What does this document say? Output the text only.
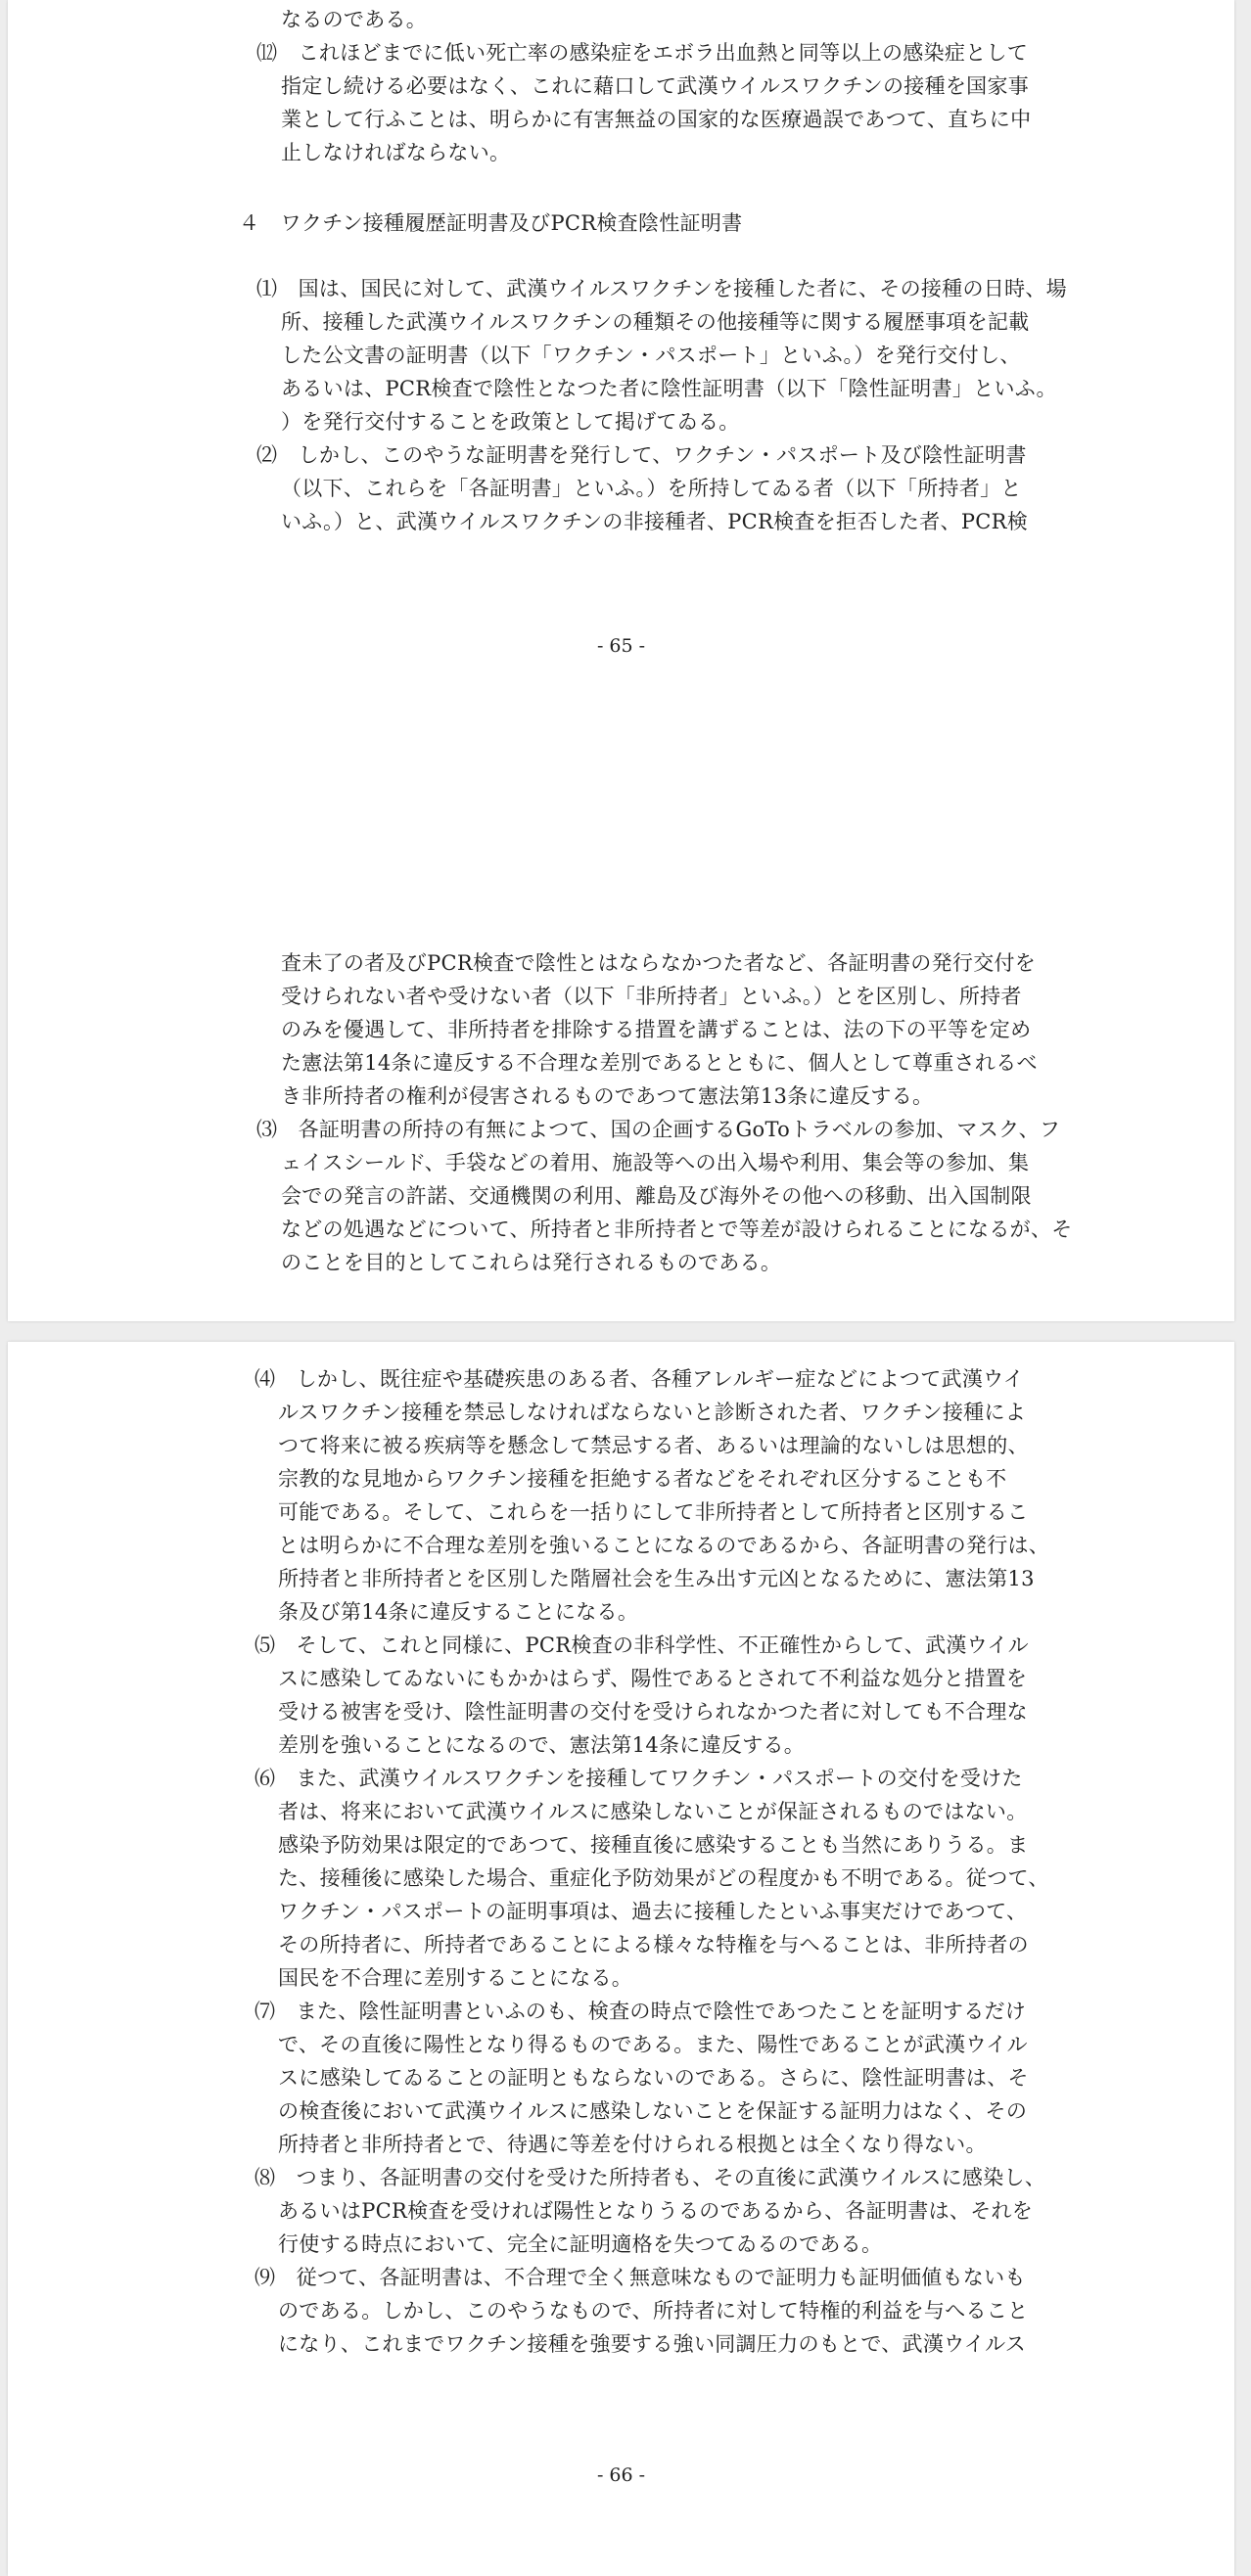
なるのである。
⑿　これほどまでに低い死亡率の感染症をエボラ出血熱と同等以上の感染症として
指定し続ける必要はなく、これに藉口して武漢ウイルスワクチンの接種を国家事
業として行ふことは、明らかに有害無益の国家的な医療過誤であつて、直ちに中
止しなければならない。
４　ワクチン接種履歴証明書及びPCR検査陰性証明書
⑴　国は、国民に対して、武漢ウイルスワクチンを接種した者に、その接種の日時、場
所、接種した武漢ウイルスワクチンの種類その他接種等に関する履歴事項を記載
した公文書の証明書（以下「ワクチン・パスポート」といふ。）を発行交付し、
あるいは、PCR検査で陰性となつた者に陰性証明書（以下「陰性証明書」といふ。
）を発行交付することを政策として掲げてゐる。
⑵　しかし、このやうな証明書を発行して、ワクチン・パスポート及び陰性証明書
（以下、これらを「各証明書」といふ。）を所持してゐる者（以下「所持者」と
いふ。）と、武漢ウイルスワクチンの非接種者、PCR検査を拒否した者、PCR検
- 65 -
査未了の者及びPCR検査で陰性とはならなかつた者など、各証明書の発行交付を
受けられない者や受けない者（以下「非所持者」といふ。）とを区別し、所持者
のみを優遇して、非所持者を排除する措置を講ずることは、法の下の平等を定め
た憲法第14条に違反する不合理な差別であるとともに、個人として尊重されるべ
き非所持者の権利が侵害されるものであつて憲法第13条に違反する。
⑶　各証明書の所持の有無によつて、国の企画するGoToトラベルの参加、マスク、フ
ェイスシールド、手袋などの着用、施設等への出入場や利用、集会等の参加、集
会での発言の許諾、交通機関の利用、離島及び海外その他への移動、出入国制限
などの処遇などについて、所持者と非所持者とで等差が設けられることになるが、そ
のことを目的としてこれらは発行されるものである。
⑷　しかし、既往症や基礎疾患のある者、各種アレルギー症などによつて武漢ウイ
ルスワクチン接種を禁忌しなければならないと診断された者、ワクチン接種によ
つて将来に被る疾病等を懸念して禁忌する者、あるいは理論的ないしは思想的、
宗教的な見地からワクチン接種を拒絶する者などをそれぞれ区分することも不
可能である。そして、これらを一括りにして非所持者として所持者と区別するこ
とは明らかに不合理な差別を強いることになるのであるから、各証明書の発行は、
所持者と非所持者とを区別した階層社会を生み出す元凶となるために、憲法第13
条及び第14条に違反することになる。
⑸　そして、これと同様に、PCR検査の非科学性、不正確性からして、武漢ウイル
スに感染してゐないにもかかはらず、陽性であるとされて不利益な処分と措置を
受ける被害を受け、陰性証明書の交付を受けられなかつた者に対しても不合理な
差別を強いることになるので、憲法第14条に違反する。
⑹　また、武漢ウイルスワクチンを接種してワクチン・パスポートの交付を受けた
者は、将来において武漢ウイルスに感染しないことが保証されるものではない。
感染予防効果は限定的であつて、接種直後に感染することも当然にありうる。ま
た、接種後に感染した場合、重症化予防効果がどの程度かも不明である。従つて、
ワクチン・パスポートの証明事項は、過去に接種したといふ事実だけであつて、
その所持者に、所持者であることによる様々な特権を与へることは、非所持者の
国民を不合理に差別することになる。
⑺　また、陰性証明書といふのも、検査の時点で陰性であつたことを証明するだけ
で、その直後に陽性となり得るものである。また、陽性であることが武漢ウイル
スに感染してゐることの証明ともならないのである。さらに、陰性証明書は、そ
の検査後において武漢ウイルスに感染しないことを保証する証明力はなく、その
所持者と非所持者とで、待遇に等差を付けられる根拠とは全くなり得ない。
⑻　つまり、各証明書の交付を受けた所持者も、その直後に武漢ウイルスに感染し、
あるいはPCR検査を受ければ陽性となりうるのであるから、各証明書は、それを
行使する時点において、完全に証明適格を失つてゐるのである。
⑼　従つて、各証明書は、不合理で全く無意味なもので証明力も証明価値もないも
のである。しかし、このやうなもので、所持者に対して特権的利益を与へること
になり、これまでワクチン接種を強要する強い同調圧力のもとで、武漢ウイルス
- 66 -
